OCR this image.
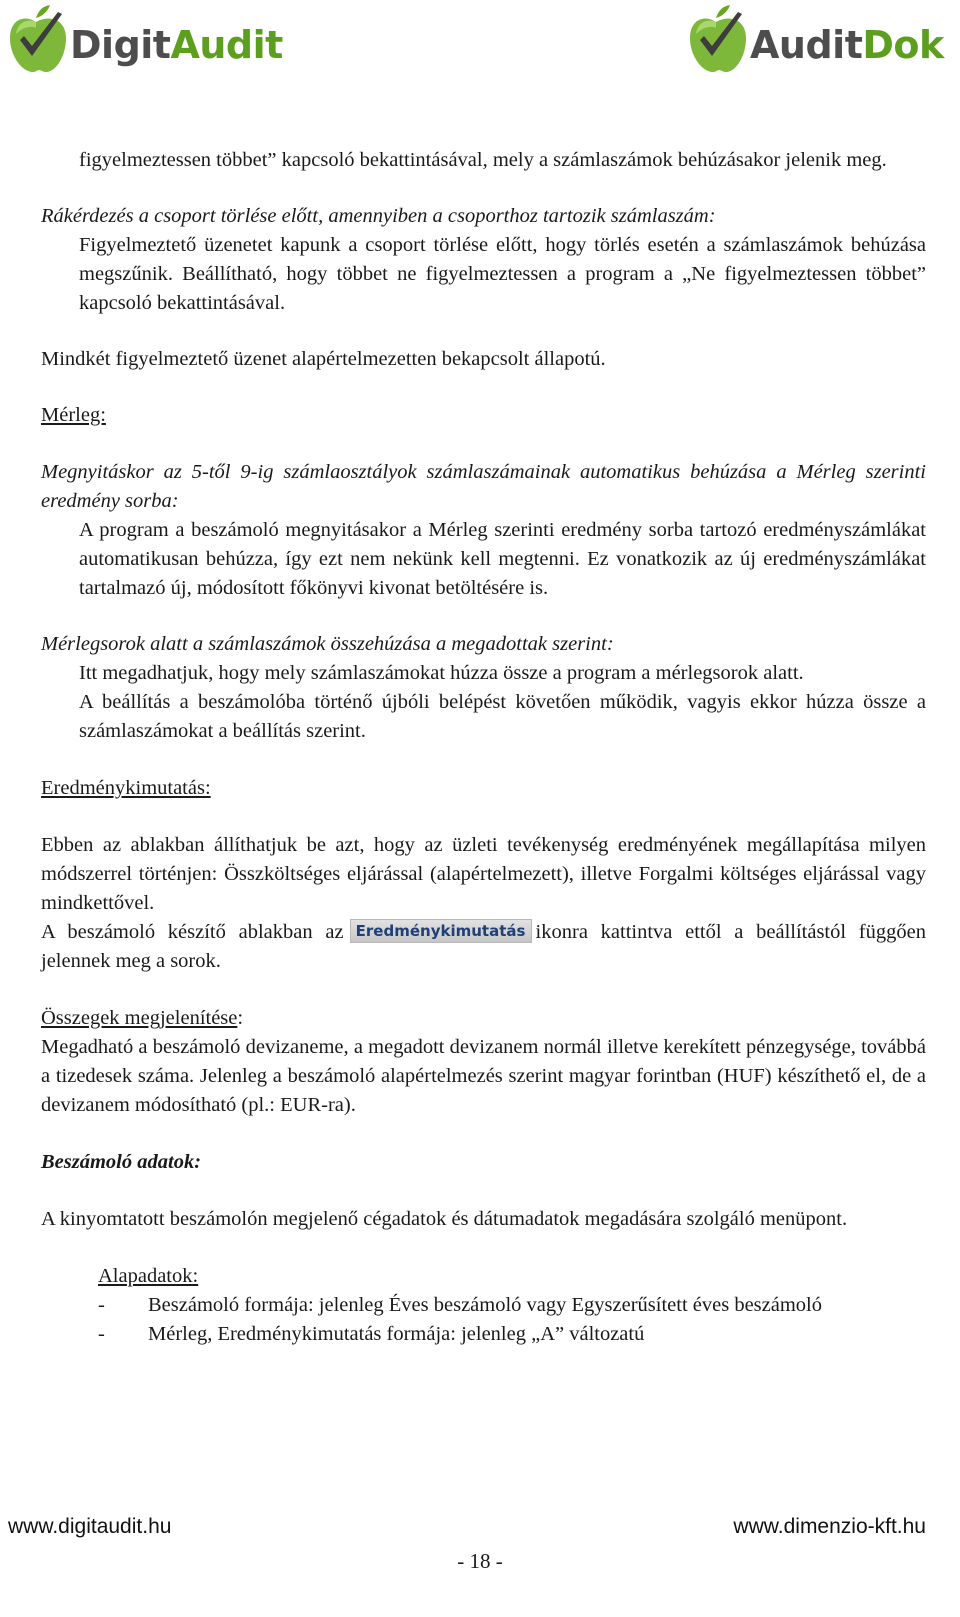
DigitAudit	AuditDok

figyelmeztessen többet” kapcsoló bekattintásával, mely a számlaszámok behúzásakor jelenik meg.

Rákérdezés a csoport törlése előtt, amennyiben a csoporthoz tartozik számlaszám:

Figyelmeztető üzenetet kapunk a csoport törlése előtt, hogy törlés esetén a számlaszámok behúzása megszűnik. Beállítható, hogy többet ne figyelmeztessen a program a „Ne figyelmeztessen többet” kapcsoló bekattintásával.

Mindkét figyelmeztető üzenet alapértelmezetten bekapcsolt állapotú.

Mérleg:

Megnyitáskor az 5-től 9-ig számlaosztályok számlaszámainak automatikus behúzása a Mérleg szerinti eredmény sorba:

A program a beszámoló megnyitásakor a Mérleg szerinti eredmény sorba tartozó eredményszámlákat automatikusan behúzza, így ezt nem nekünk kell megtenni. Ez vonatkozik az új eredményszámlákat tartalmazó új, módosított főkönyvi kivonat betöltésére is.

Mérlegsorok alatt a számlaszámok összehúzása a megadottak szerint:

Itt megadhatjuk, hogy mely számlaszámokat húzza össze a program a mérlegsorok alatt.

A beállítás a beszámolóba történő újbóli belépést követően működik, vagyis ekkor húzza össze a számlaszámokat a beállítás szerint.

Eredménykimutatás:

Ebben az ablakban állíthatjuk be azt, hogy az üzleti tevékenység eredményének megállapítása milyen módszerrel történjen: Összköltséges eljárással (alapértelmezett), illetve Forgalmi költséges eljárással vagy mindkettővel.

A beszámoló készítő ablakban az Eredménykimutatás ikonra kattintva ettől a beállítástól függően jelennek meg a sorok.

Összegek megjelenítése:

Megadható a beszámoló devizaneme, a megadott devizanem normál illetve kerekített pénzegysége, továbbá a tizedesek száma. Jelenleg a beszámoló alapértelmezés szerint magyar forintban (HUF) készíthető el, de a devizanem módosítható (pl.: EUR-ra).

Beszámoló adatok:

A kinyomtatott beszámolón megjelenő cégadatok és dátumadatok megadására szolgáló menüpont.

Alapadatok:

-	Beszámoló formája: jelenleg Éves beszámoló vagy Egyszerűsített éves beszámoló
-	Mérleg, Eredménykimutatás formája: jelenleg „A” változatú
www.digitaudit.hu	www.dimenzio-kft.hu
- 18 -
